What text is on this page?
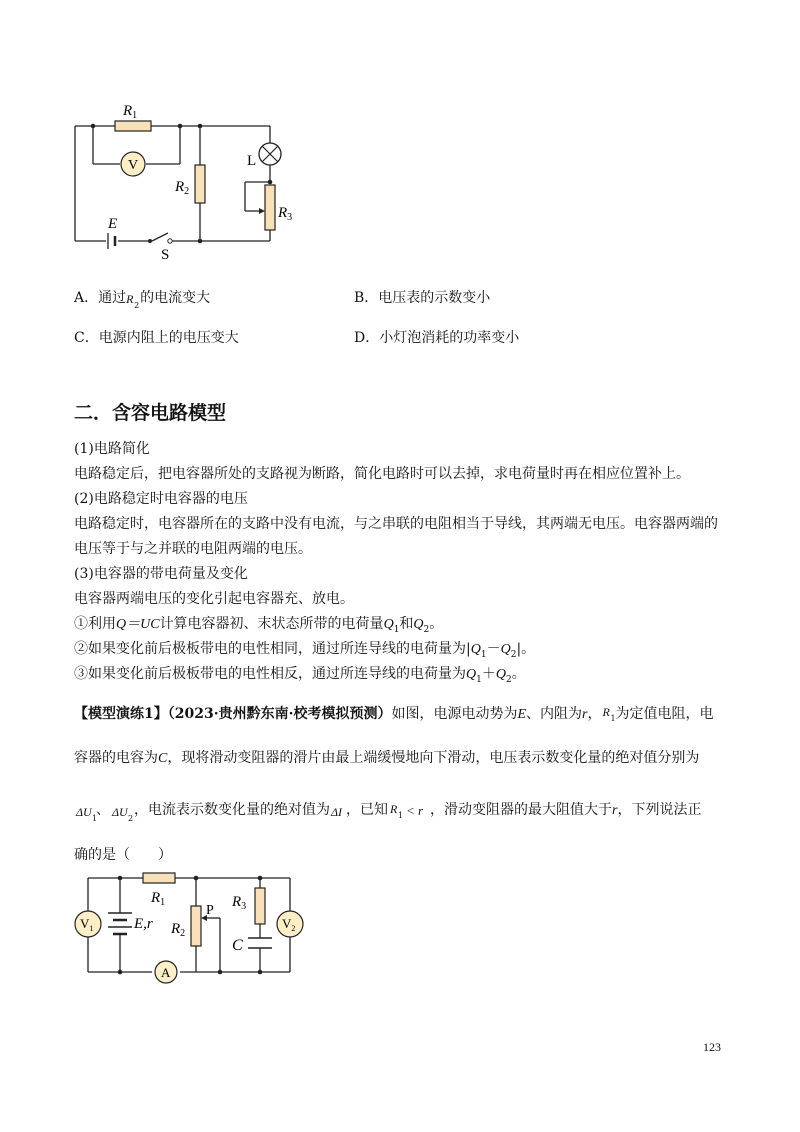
$R_1$
V	L
$R_2$
$R_3$
E
S
A．通过 R 2 的电流变大	B．电压表的示数变小
C．电源内阻上的电压变大	D．小灯泡消耗的功率变小
二．含容电路模型
(1)电路简化
电路稳定后，把电容器所处的支路视为断路，简化电路时可以去掉，求电荷量时再在相应位置补上。
(2)电路稳定时电容器的电压
电路稳定时，电容器所在的支路中没有电流，与之串联的电阻相当于导线，其两端无电压。电容器两端的
电压等于与之并联的电阻两端的电压。
(3)电容器的带电荷量及变化
电容器两端电压的变化引起电容器充、放电。
①利用Q＝UC计算电容器初、末状态所带的电荷量$Q_1$和$Q_2$。
②如果变化前后极板带电的电性相同，通过所连导线的电荷量为$|Q_1-Q_2|$。
③如果变化前后极板带电的电性相反，通过所连导线的电荷量为$Q_1+Q_2$。
【模型演练1】（2023·贵州黔东南·校考模拟预测）如图，电源电动势为E、内阻为r， R 1 为定值电阻，电
容器的电容为C，现将滑动变阻器的滑片由最上端缓慢地向下滑动，电压表示数变化量的绝对值分别为
ΔU 1
、 ΔU 2
，电流表示数变化量的绝对值为 ΔI ，已知 R 1 < r ，滑动变阻器的最大阻值大于r，下列说法正
确的是（　　）
$V_1$	$V_2$
A
$R_1$
E,r $R_2$
P
$R_3$
C
123
